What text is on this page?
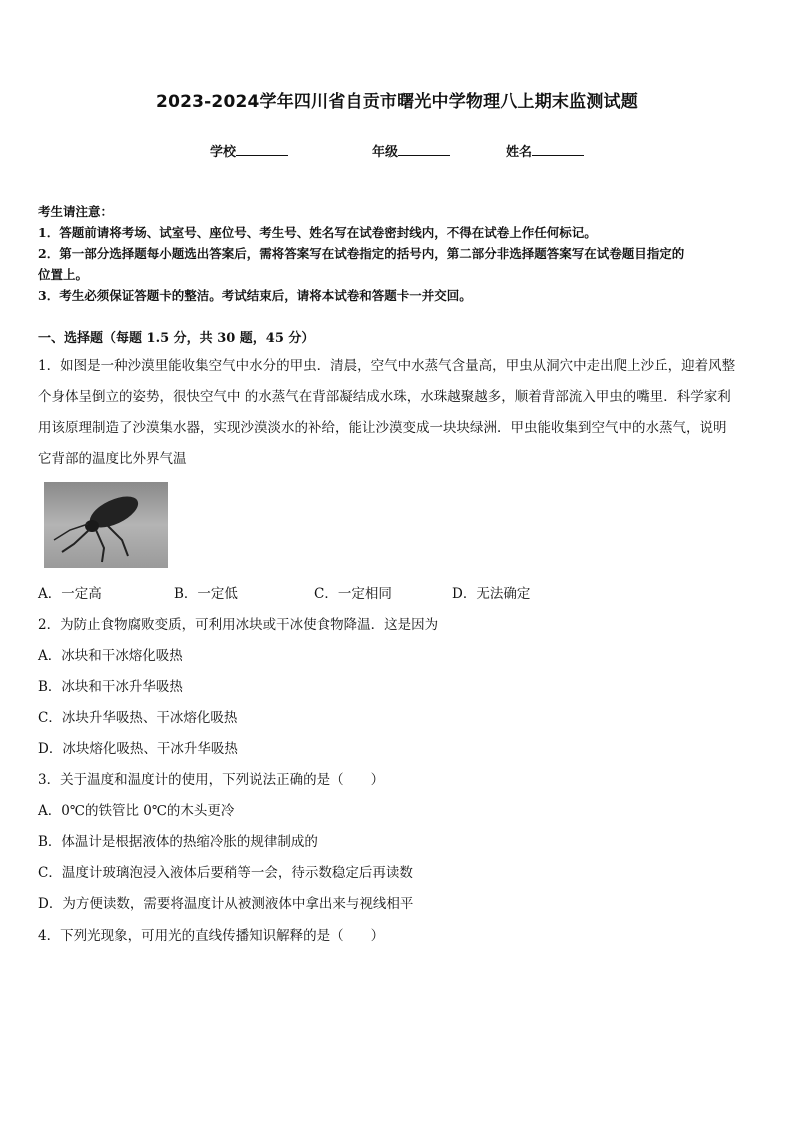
2023-2024学年四川省自贡市曙光中学物理八上期末监测试题
学校	年级	姓名
考生请注意：
1．答题前请将考场、试室号、座位号、考生号、姓名写在试卷密封线内，不得在试卷上作任何标记。
2．第一部分选择题每小题选出答案后，需将答案写在试卷指定的括号内，第二部分非选择题答案写在试卷题目指定的
位置上。
3．考生必须保证答题卡的整洁。考试结束后，请将本试卷和答题卡一并交回。
一、选择题（每题 1.5 分，共 30 题，45 分）
1．如图是一种沙漠里能收集空气中水分的甲虫．清晨，空气中水蒸气含量高，甲虫从洞穴中走出爬上沙丘，迎着风整
个身体呈倒立的姿势，很快空气中 的水蒸气在背部凝结成水珠，水珠越聚越多，顺着背部流入甲虫的嘴里．科学家利
用该原理制造了沙漠集水器，实现沙漠淡水的补给，能让沙漠变成一块块绿洲．甲虫能收集到空气中的水蒸气，说明
它背部的温度比外界气温
A．一定高	B．一定低	C．一定相同	D．无法确定
2．为防止食物腐败变质，可利用冰块或干冰使食物降温．这是因为
A．冰块和干冰熔化吸热
B．冰块和干冰升华吸热
C．冰块升华吸热、干冰熔化吸热
D．冰块熔化吸热、干冰升华吸热
3．关于温度和温度计的使用，下列说法正确的是（　　）
A．0℃的铁管比 0℃的木头更冷
B．体温计是根据液体的热缩冷胀的规律制成的
C．温度计玻璃泡浸入液体后要稍等一会，待示数稳定后再读数
D．为方便读数，需要将温度计从被测液体中拿出来与视线相平
4．下列光现象，可用光的直线传播知识解释的是（　　）
